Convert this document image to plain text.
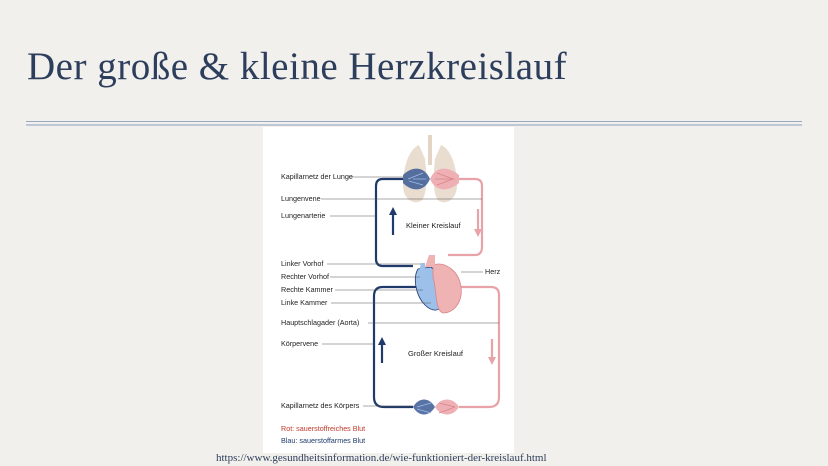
Der große & kleine Herzkreislauf
Kapillarnetz der Lunge
Lungenvene
Lungenarterie
Linker Vorhof
Rechter Vorhof
Rechte Kammer
Linke Kammer
Hauptschlagader (Aorta)
Körpervene
Kapillarnetz des Körpers
Herz
Kleiner Kreislauf
Großer Kreislauf
Rot: sauerstoffreiches Blut
Blau: sauerstoffarmes Blut
https://www.gesundheitsinformation.de/wie-funktioniert-der-kreislauf.html
